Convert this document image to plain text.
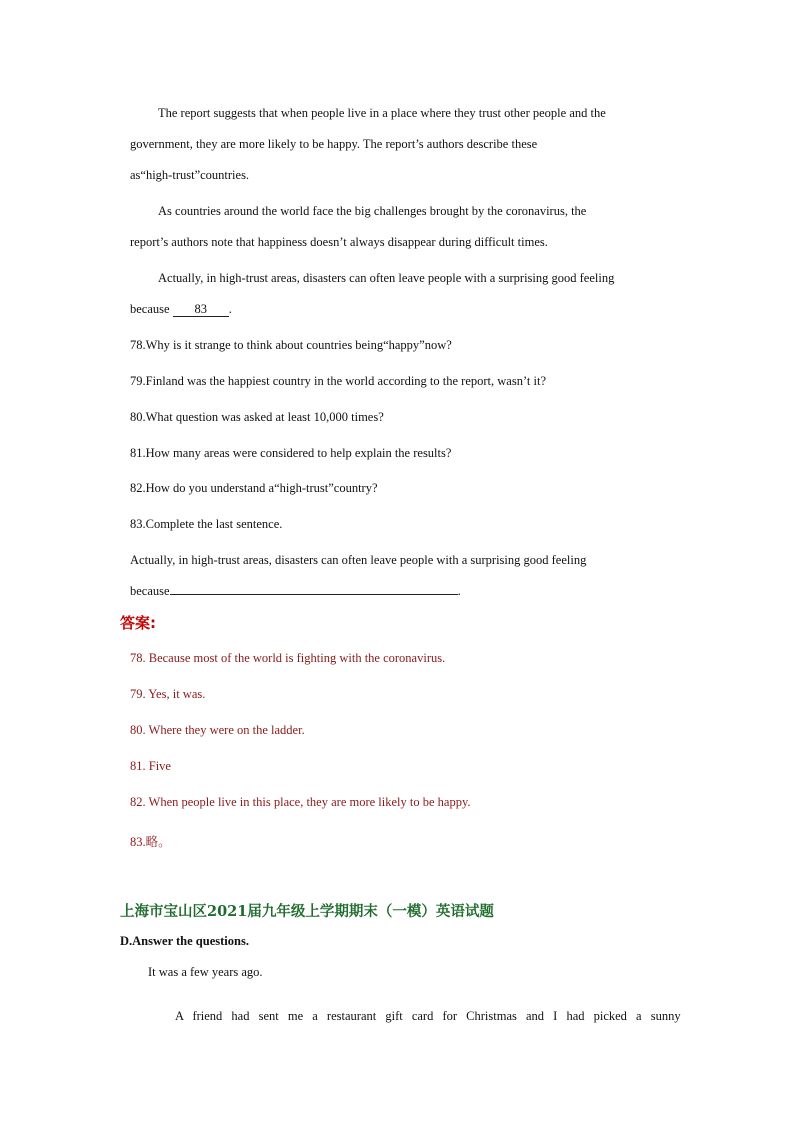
The report suggests that when people live in a place where they trust other people and the
government, they are more likely to be happy. The report’s authors describe these
as“high-trust”countries.
As countries around the world face the big challenges brought by the coronavirus, the
report’s authors note that happiness doesn’t always disappear during difficult times.
Actually, in high-trust areas, disasters can often leave people with a surprising good feeling
because 83 .
78.Why is it strange to think about countries being“happy”now?
79.Finland was the happiest country in the world according to the report, wasn’t it?
80.What question was asked at least 10,000 times?
81.How many areas were considered to help explain the results?
82.How do you understand a“high-trust”country?
83.Complete the last sentence.
Actually, in high-trust areas, disasters can often leave people with a surprising good feeling
because	.
答案:
78. Because most of the world is fighting with the coronavirus.
79. Yes, it was.
80. Where they were on the ladder.
81. Five
82. When people live in this place, they are more likely to be happy.
83.略。
上海市宝山区2021届九年级上学期期末（一模）英语试题
D.Answer the questions.
It was a few years ago.
A friend had sent me a restaurant gift card for Christmas and I had picked a sunny
